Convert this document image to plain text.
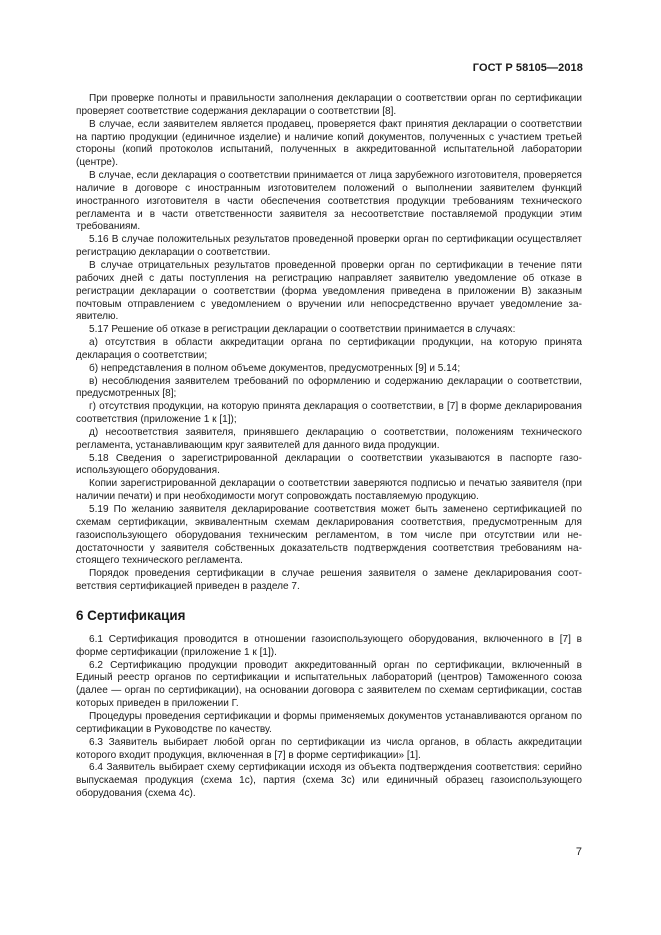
ГОСТ Р 58105—2018

При проверке полноты и правильности заполнения декларации о соответствии орган по сертификации проверяет соответствие содержания декларации о соответствии [8].

В случае, если заявителем является продавец, проверяется факт принятия декларации о соответствии на партию продукции (единичное изделие) и наличие копий документов, полученных с участием третьей стороны (копий протоколов испытаний, полученных в аккредитованной испытательной лаборатории (центре).

В случае, если декларация о соответствии принимается от лица зарубежного изготовителя, проверяется наличие в договоре с иностранным изготовителем положений о выполнении заявителем функций иностранного изготовителя в части обеспечения соответствия продукции требованиям технического регламента и в части ответственности заявителя за несоответствие поставляемой продукции этим требованиям.

5.16 В случае положительных результатов проведенной проверки орган по сертификации осуществляет регистрацию декларации о соответствии.

В случае отрицательных результатов проведенной проверки орган по сертификации в течение пяти рабочих дней с даты поступления на регистрацию направляет заявителю уведомление об отказе в регистрации декларации о соответствии (форма уведомления приведена в приложении В) заказным почтовым отправлением с уведомлением о вручении или непосредственно вручает уведомление заявителю.

5.17 Решение об отказе в регистрации декларации о соответствии принимается в случаях:

а) отсутствия в области аккредитации органа по сертификации продукции, на которую принята декларация о соответствии;

б) непредставления в полном объеме документов, предусмотренных [9] и 5.14;

в) несоблюдения заявителем требований по оформлению и содержанию декларации о соответствии, предусмотренных [8];

г) отсутствия продукции, на которую принята декларация о соответствии, в [7] в форме декларирования соответствия (приложение 1 к [1]);

д) несоответствия заявителя, принявшего декларацию о соответствии, положениям технического регламента, устанавливающим круг заявителей для данного вида продукции.

5.18 Сведения о зарегистрированной декларации о соответствии указываются в паспорте газоиспользующего оборудования.

Копии зарегистрированной декларации о соответствии заверяются подписью и печатью заявителя (при наличии печати) и при необходимости могут сопровождать поставляемую продукцию.

5.19 По желанию заявителя декларирование соответствия может быть заменено сертификацией по схемам сертификации, эквивалентным схемам декларирования соответствия, предусмотренным для газоиспользующего оборудования техническим регламентом, в том числе при отсутствии или недостаточности у заявителя собственных доказательств подтверждения соответствия требованиям настоящего технического регламента.

Порядок проведения сертификации в случае решения заявителя о замене декларирования соответствия сертификацией приведен в разделе 7.

6 Сертификация

6.1 Сертификация проводится в отношении газоиспользующего оборудования, включенного в [7] в форме сертификации (приложение 1 к [1]).

6.2 Сертификацию продукции проводит аккредитованный орган по сертификации, включенный в Единый реестр органов по сертификации и испытательных лабораторий (центров) Таможенного союза (далее — орган по сертификации), на основании договора с заявителем по схемам сертификации, состав которых приведен в приложении Г.

Процедуры проведения сертификации и формы применяемых документов устанавливаются органом по сертификации в Руководстве по качеству.

6.3 Заявитель выбирает любой орган по сертификации из числа органов, в область аккредитации которого входит продукция, включенная в [7] в форме сертификации» [1].

6.4 Заявитель выбирает схему сертификации исходя из объекта подтверждения соответствия: серийно выпускаемая продукция (схема 1с), партия (схема 3с) или единичный образец газоиспользующего оборудования (схема 4с).

7
